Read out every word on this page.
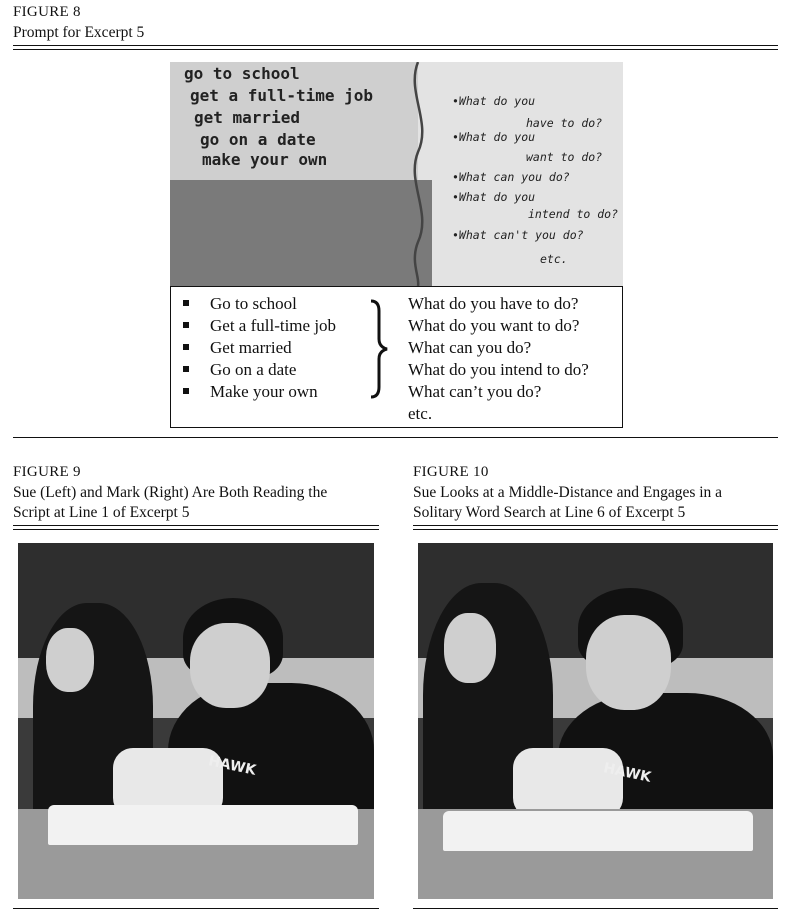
FIGURE 8
Prompt for Excerpt 5
go to school
get a full-time job
get married
go on a date
make your own
•What do you
have to do?
•What do you
want to do?
•What can you do?
•What do you
intend to do?
•What can't you do?
etc.
Go to school
Get a full-time job
Get married
Go on a date
Make your own
What do you have to do?
What do you want to do?
What can you do?
What do you intend to do?
What can’t you do?
etc.
FIGURE 9
Sue (Left) and Mark (Right) Are Both Reading the
Script at Line 1 of Excerpt 5
HAWK
FIGURE 10
Sue Looks at a Middle-Distance and Engages in a
Solitary Word Search at Line 6 of Excerpt 5
HAWK
